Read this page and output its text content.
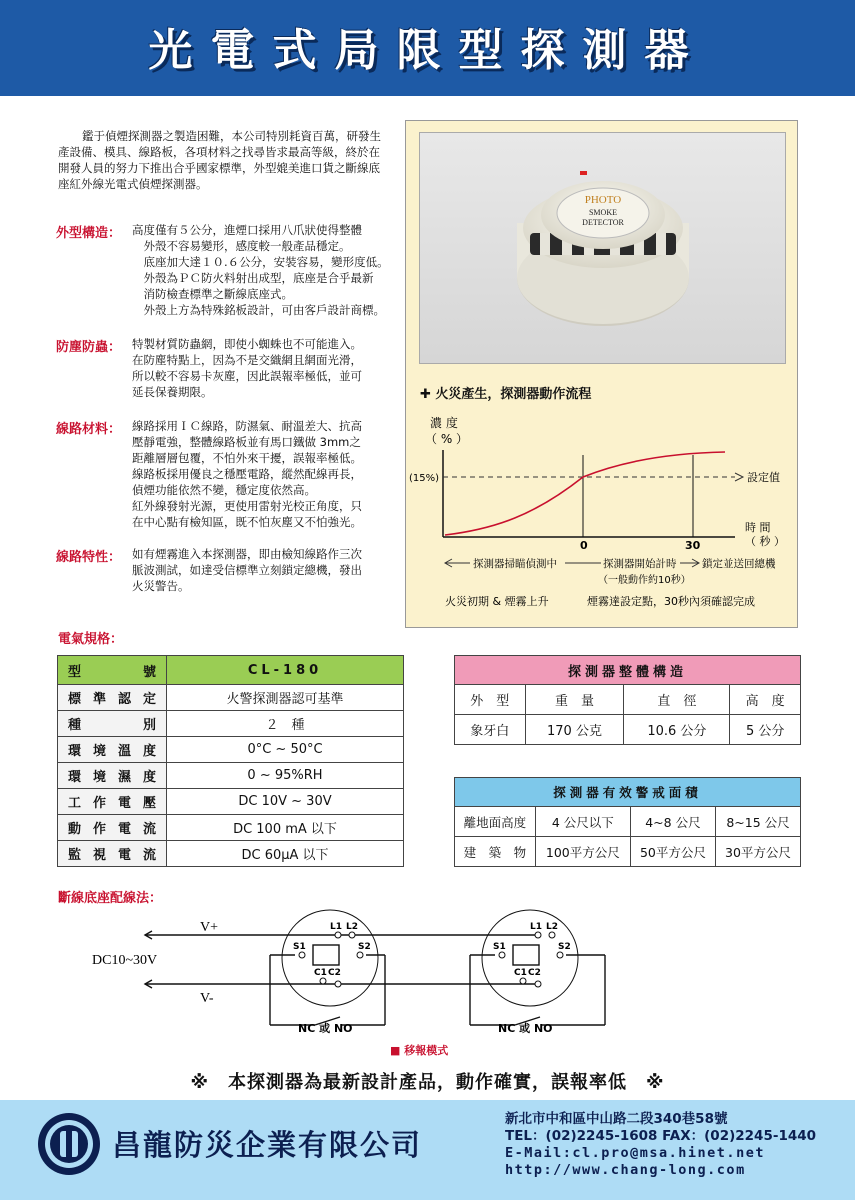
光電式局限型探測器
鑑于偵煙探測器之製造困難，本公司特別耗資百萬，研發生產設備、模具、線路板，各項材料之找尋皆求最高等級，終於在開發人員的努力下推出合乎國家標準，外型媲美進口貨之斷線底座紅外線光電式偵煙探測器。
外型構造： 高度僅有５公分，進煙口採用八爪狀使得整體
外殼不容易變形，感度較一般產品穩定。
底座加大達１０.６公分，安裝容易，變形度低。
外殼為ＰＣ防火料射出成型，底座是合乎最新
消防檢查標準之斷線底座式。
外殼上方為特殊銘板設計，可由客戶設計商標。
防塵防蟲： 特製材質防蟲網，即使小蜘蛛也不可能進入。
在防塵特點上，因為不是交織網且網面光滑，
所以較不容易卡灰塵，因此誤報率極低，並可
延長保養期限。
線路材料： 線路採用ＩＣ線路，防濕氣、耐溫差大、抗高
壓靜電強，整體線路板並有馬口鐵做 3mm之
距離層層包覆，不怕外來干擾，誤報率極低。
線路板採用優良之穩壓電路，縱然配線再長，
偵煙功能依然不變，穩定度依然高。
紅外線發射光源，更使用雷射光校正角度，只
在中心點有檢知區，既不怕灰塵又不怕強光。
線路特性： 如有煙霧進入本探測器，即由檢知線路作三次
脈波測試，如達受信標準立刻鎖定總機，發出
火災警告。
PHOTO
SMOKE
DETECTOR
✚ 火災產生，探測器動作流程
濃 度
（ % ）
(15%)	設定值
0	30
時 間
（ 秒 ）
探測器掃瞄偵測中	探測器開始計時
（一般動作約10秒）
鎖定並送回總機
火災初期 & 煙霧上升	煙霧達設定點，30秒內須確認完成
電氣規格：
型　號	CL-180
標準認定	火警探測器認可基準
種　別	２　種
環境溫度	0°C ~ 50°C
環境濕度	0 ~ 95%RH
工作電壓	DC 10V ~ 30V
動作電流	DC 100 mA 以下
監視電流	DC 60μA 以下
探測器整體構造			
外　型	重　量	直　徑	高　度
象牙白	170 公克	10.6 公分	5 公分
探測器有效警戒面積			
離地面高度	4 公尺以下	4~8 公尺	8~15 公尺
建　築　物	100平方公尺	50平方公尺	30平方公尺
斷線底座配線法：
L1 L2
S1	S2
C1 C2
L1 L2
S1	S2
C1 C2
V+
V-
DC10~30V
NC 或 NO	NC 或 NO
■ 移報模式
※　本探測器為最新設計產品，動作確實，誤報率低　※
昌龍防災企業有限公司
新北市中和區中山路二段340巷58號
TEL：(02)2245-1608 FAX：(02)2245-1440
E-Mail:cl.pro@msa.hinet.net
http://www.chang-long.com
